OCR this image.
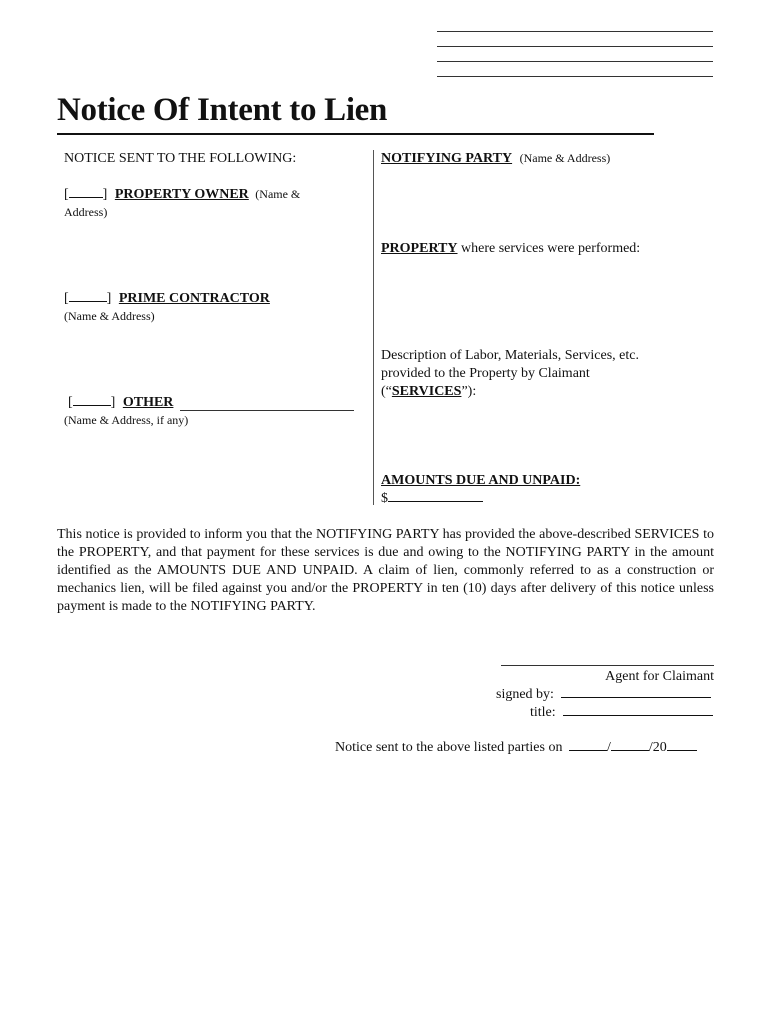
Notice Of Intent to Lien
NOTICE SENT TO THE FOLLOWING:
[ ] PROPERTY OWNER (Name &
Address)
[	] PRIME CONTRACTOR
(Name & Address)
[	] OTHER
(Name & Address, if any)
NOTIFYING PARTY (Name & Address)
PROPERTY where services were performed:
Description of Labor, Materials, Services, etc.
provided to the Property by Claimant
(“SERVICES”):
AMOUNTS DUE AND UNPAID:
$

This notice is provided to inform you that the NOTIFYING PARTY has provided the above-described SERVICES to the PROPERTY, and that payment for these services is due and owing to the NOTIFYING PARTY in the amount identified as the AMOUNTS DUE AND UNPAID. A claim of lien, commonly referred to as a construction or mechanics lien, will be filed against you and/or the PROPERTY in ten (10) days after delivery of this notice unless payment is made to the NOTIFYING PARTY.

Agent for Claimant
signed by:
title:
Notice sent to the above listed parties on	/	/20
